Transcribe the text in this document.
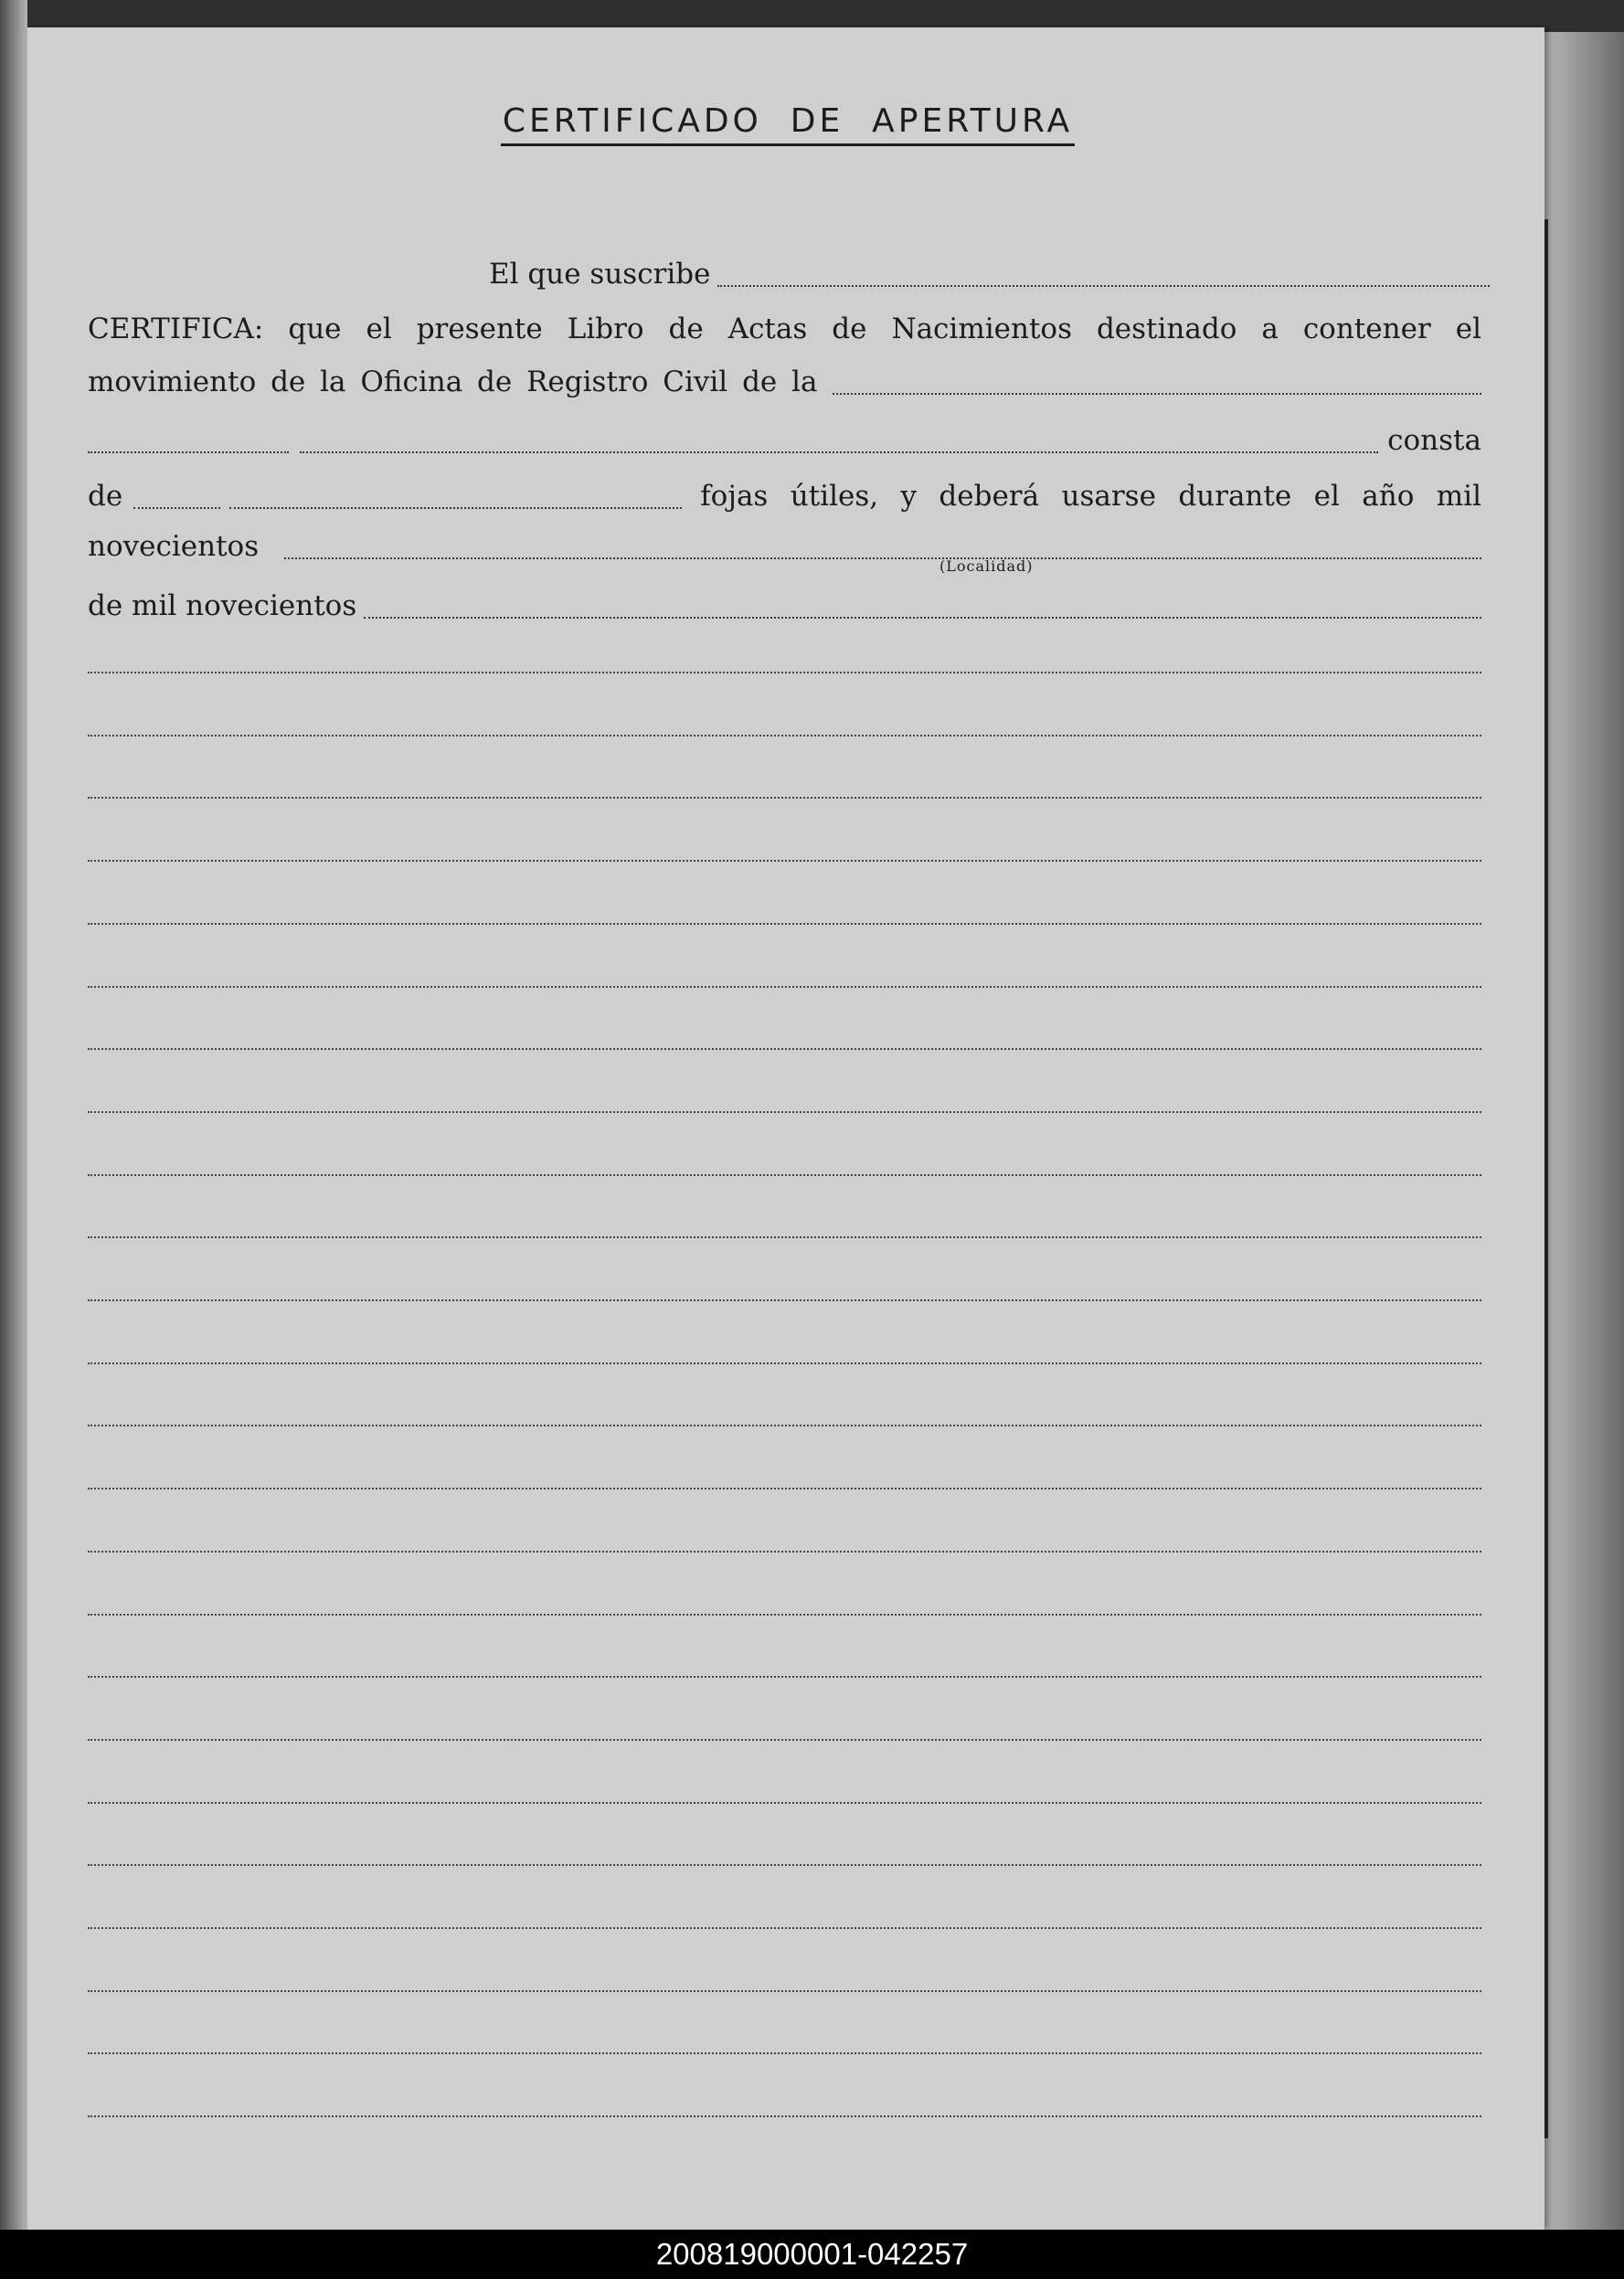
CERTIFICADO  DE  APERTURA
El que suscribe
CERTIFICA: que el presente Libro de Actas de Nacimientos destinado a contener el
movimiento de la Oficina de Registro Civil de la
consta
de	fojas útiles, y deberá usarse durante el año mil
novecientos
(Localidad)
de mil novecientos
200819000001-042257
